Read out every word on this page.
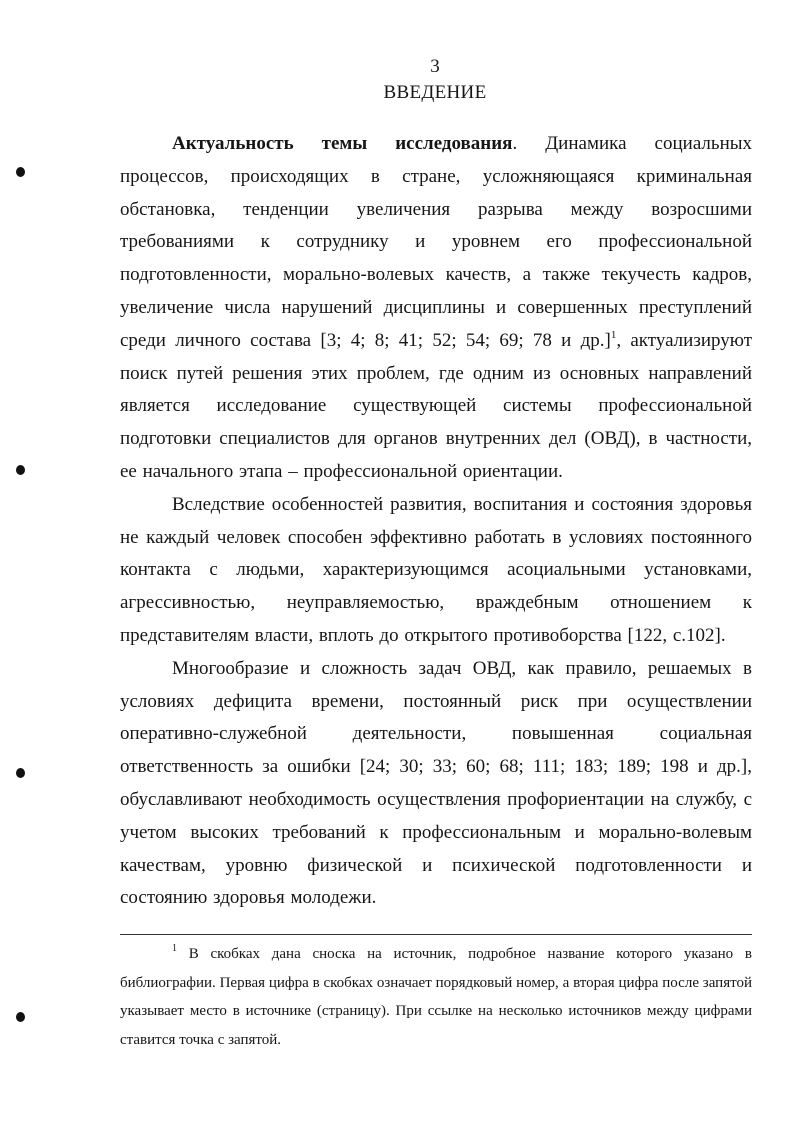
3
ВВЕДЕНИЕ

Актуальность темы исследования. Динамика социальных процессов, происходящих в стране, усложняющаяся криминальная обстановка, тенденции увеличения разрыва между возросшими требованиями к сотруднику и уровнем его профессиональной подготовленности, морально-волевых качеств, а также текучесть кадров, увеличение числа нарушений дисциплины и совершенных преступлений среди личного состава [3; 4; 8; 41; 52; 54; 69; 78 и др.]$^1$, актуализируют поиск путей решения этих проблем, где одним из основных направлений является исследование существующей системы профессиональной подготовки специалистов для органов внутренних дел (ОВД), в частности, ее начального этапа – профессиональной ориентации.

Вследствие особенностей развития, воспитания и состояния здоровья не каждый человек способен эффективно работать в условиях постоянного контакта с людьми, характеризующимся асоциальными установками, агрессивностью, неуправляемостью, враждебным отношением к представителям власти, вплоть до открытого противоборства [122, с.102].

Многообразие и сложность задач ОВД, как правило, решаемых в условиях дефицита времени, постоянный риск при осуществлении оперативно-служебной деятельности, повышенная социальная ответственность за ошибки [24; 30; 33; 60; 68; 111; 183; 189; 198 и др.], обуславливают необходимость осуществления профориентации на службу, с учетом высоких требований к профессиональным и морально-волевым качествам, уровню физической и психической подготовленности и состоянию здоровья молодежи.

$^1$ В скобках дана сноска на источник, подробное название которого указано в библиографии. Первая цифра в скобках означает порядковый номер, а вторая цифра после запятой указывает место в источнике (страницу). При ссылке на несколько источников между цифрами ставится точка с запятой.
